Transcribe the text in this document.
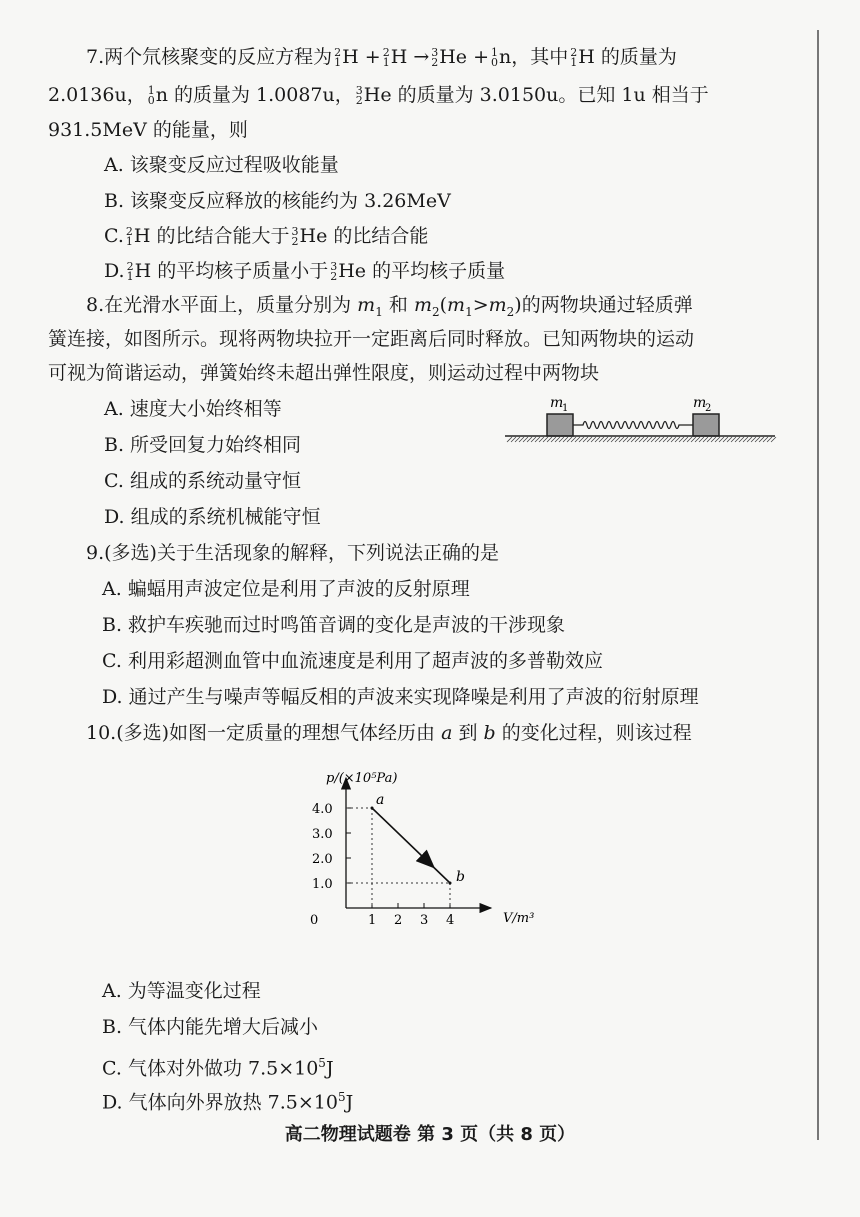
7.两个氘核聚变的反应方程为 2
1 H + 2
1 H → 3
2 He + 1
0 n，其中 2
1 H 的质量为
2.0136u， 1
0 n 的质量为 1.0087u， 3
2 He 的质量为 3.0150u。已知 1u 相当于
931.5MeV 的能量，则
A. 该聚变反应过程吸收能量
B. 该聚变反应释放的核能约为 3.26MeV
C. 2
1 H 的比结合能大于 3
2 He 的比结合能
D. 2
1 H 的平均核子质量小于 3
2 He 的平均核子质量
8.在光滑水平面上，质量分别为 $m_1$ 和 $m_2(m_1>m_2)$的两物块通过轻质弹
簧连接，如图所示。现将两物块拉开一定距离后同时释放。已知两物块的运动
可视为简谐运动，弹簧始终未超出弹性限度，则运动过程中两物块
A. 速度大小始终相等
B. 所受回复力始终相同
C. 组成的系统动量守恒
D. 组成的系统机械能守恒
m
1	m
2
9.(多选)关于生活现象的解释，下列说法正确的是
A. 蝙蝠用声波定位是利用了声波的反射原理
B. 救护车疾驰而过时鸣笛音调的变化是声波的干涉现象
C. 利用彩超测血管中血流速度是利用了超声波的多普勒效应
D. 通过产生与噪声等幅反相的声波来实现降噪是利用了声波的衍射原理
10.(多选)如图一定质量的理想气体经历由 a 到 b 的变化过程，则该过程
p/(×10⁵Pa)
V/m³
0	1 2 3 4
1.0
2.0
3.0
4.0
a
b
A. 为等温变化过程
B. 气体内能先增大后减小
C. 气体对外做功 $7.5\times 10^5J$
D. 气体向外界放热 $7.5\times 10^5J$
高二物理试题卷 第 3 页（共 8 页）
